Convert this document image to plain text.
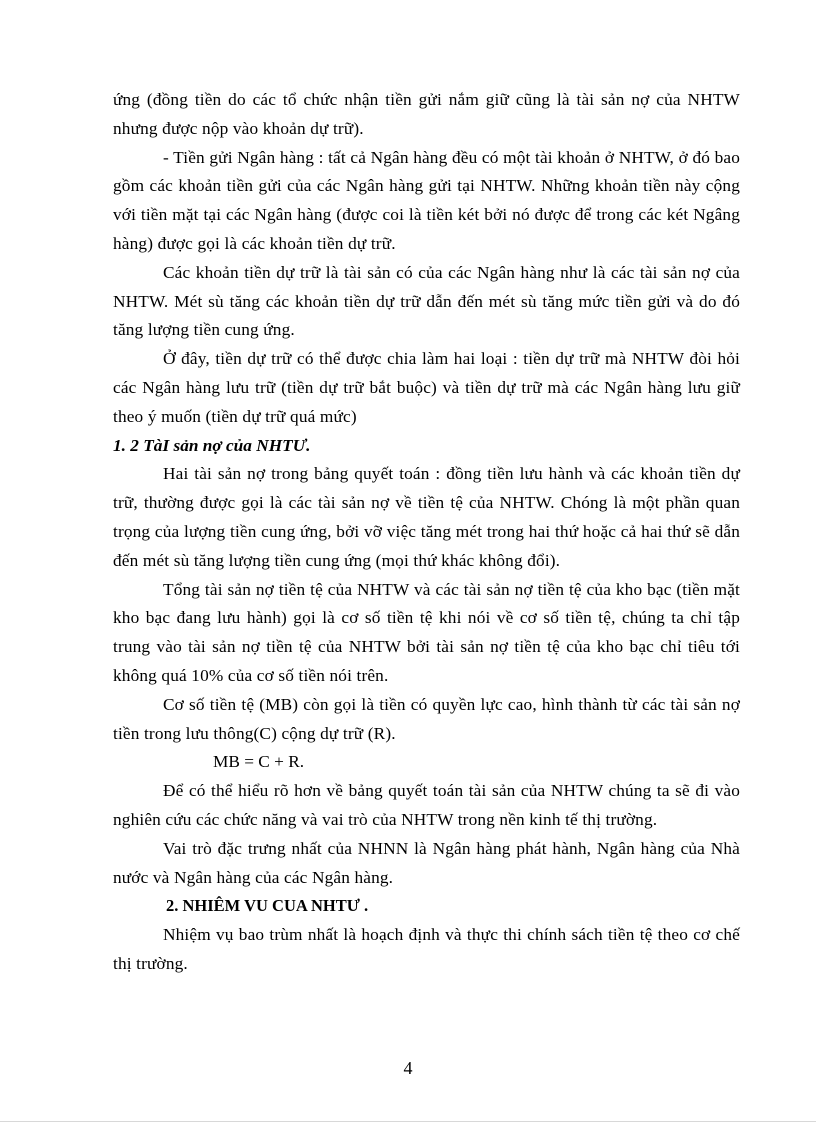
ứng (đồng tiền do các tổ chức nhận tiền gửi nắm giữ cũng là tài sản nợ của NHTW nhưng được nộp vào khoản dự trữ).

- Tiền gửi Ngân hàng : tất cả Ngân hàng đều có một tài khoản ở NHTW, ở đó bao gồm các khoản tiền gửi của các Ngân hàng gửi tại NHTW. Những khoản tiền này cộng với tiền mặt tại các Ngân hàng (được coi là tiền két bởi nó được để trong các két Ngâng hàng) được gọi là các khoản tiền dự trữ.

Các khoản tiền dự trữ là tài sản có của các Ngân hàng như là các tài sản nợ của NHTW. Mét sù tăng các khoản tiền dự trữ dẫn đến mét sù tăng mức tiền gửi và do đó tăng lượng tiền cung ứng.

Ở đây, tiền dự trữ có thể được chia làm hai loại : tiền dự trữ mà NHTW đòi hỏi các Ngân hàng lưu trữ (tiền dự trữ bắt buộc) và tiền dự trữ mà các Ngân hàng lưu giữ theo ý muốn (tiền dự trữ quá mức)

1. 2 TàI sản nợ của NHTƯ.

Hai tài sản nợ trong bảng quyết toán : đồng tiền lưu hành và các khoản tiền dự trữ, thường được gọi là các tài sản nợ về tiền tệ của NHTW. Chóng là một phần quan trọng của lượng tiền cung ứng, bởi vỡ việc tăng mét trong hai thứ hoặc cả hai thứ sẽ dẫn đến mét sù tăng lượng tiền cung ứng (mọi thứ khác không đổi).

Tổng tài sản nợ tiền tệ của NHTW và các tài sản nợ tiền tệ của kho bạc (tiền mặt kho bạc đang lưu hành) gọi là cơ số tiền tệ khi nói về cơ số tiền tệ, chúng ta chỉ tập trung vào tài sản nợ tiền tệ của NHTW bởi tài sản nợ tiền tệ của kho bạc chỉ tiêu tới không quá 10% của cơ số tiền nói trên.

Cơ số tiền tệ (MB) còn gọi là tiền có quyền lực cao, hình thành từ các tài sản nợ tiền trong lưu thông(C) cộng dự trữ (R).

MB = C + R.

Để có thể hiểu rõ hơn về bảng quyết toán tài sản của NHTW chúng ta sẽ đi vào nghiên cứu các chức năng và vai trò của NHTW trong nền kinh tế thị trường.

Vai trò đặc trưng nhất của NHNN là Ngân hàng phát hành, Ngân hàng của Nhà nước và Ngân hàng của các Ngân hàng.

2. NHIÊM VU CUA NHTƯ .

Nhiệm vụ bao trùm nhất là hoạch định và thực thi chính sách tiền tệ theo cơ chế thị trường.

4
